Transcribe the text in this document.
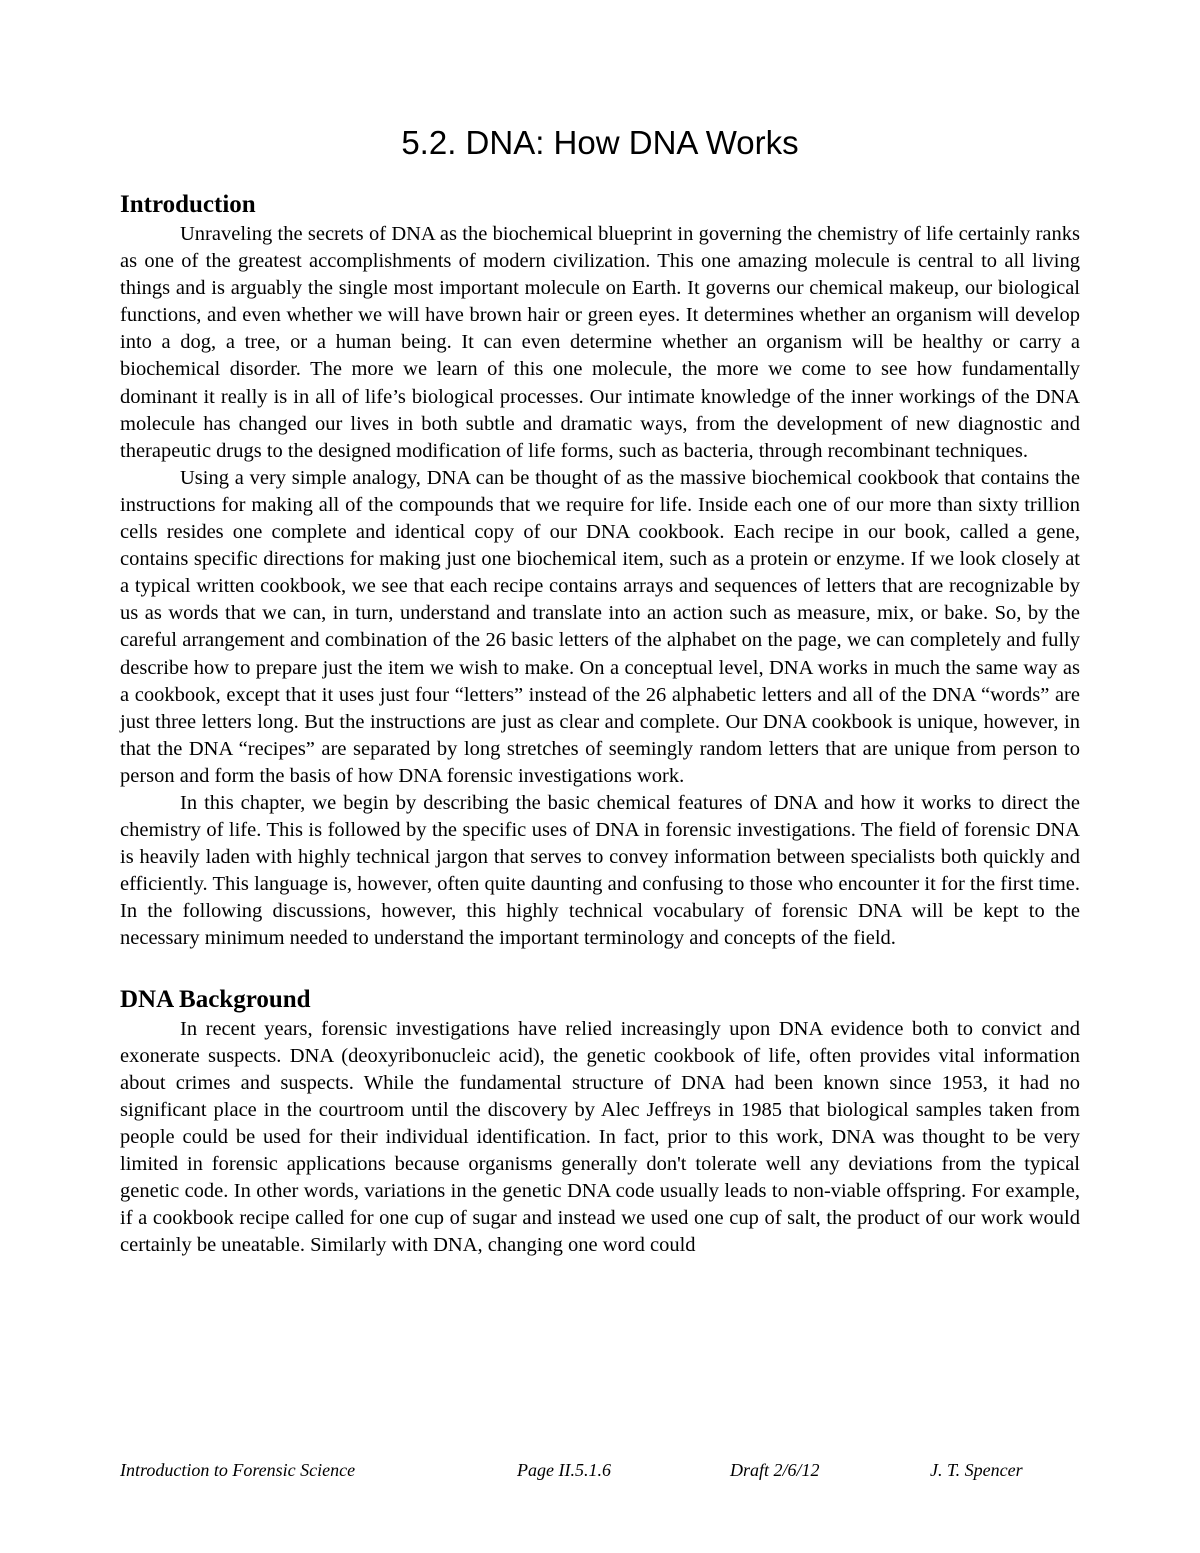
5.2. DNA: How DNA Works
Introduction

Unraveling the secrets of DNA as the biochemical blueprint in governing the chemistry of life certainly ranks as one of the greatest accomplishments of modern civilization. This one amazing molecule is central to all living things and is arguably the single most important molecule on Earth. It governs our chemical makeup, our biological functions, and even whether we will have brown hair or green eyes. It determines whether an organism will develop into a dog, a tree, or a human being. It can even determine whether an organism will be healthy or carry a biochemical disorder. The more we learn of this one molecule, the more we come to see how fundamentally dominant it really is in all of life’s biological processes. Our intimate knowledge of the inner workings of the DNA molecule has changed our lives in both subtle and dramatic ways, from the development of new diagnostic and therapeutic drugs to the designed modification of life forms, such as bacteria, through recombinant techniques.

Using a very simple analogy, DNA can be thought of as the massive biochemical cookbook that contains the instructions for making all of the compounds that we require for life. Inside each one of our more than sixty trillion cells resides one complete and identical copy of our DNA cookbook. Each recipe in our book, called a gene, contains specific directions for making just one biochemical item, such as a protein or enzyme. If we look closely at a typical written cookbook, we see that each recipe contains arrays and sequences of letters that are recognizable by us as words that we can, in turn, understand and translate into an action such as measure, mix, or bake. So, by the careful arrangement and combination of the 26 basic letters of the alphabet on the page, we can completely and fully describe how to prepare just the item we wish to make. On a conceptual level, DNA works in much the same way as a cookbook, except that it uses just four “letters” instead of the 26 alphabetic letters and all of the DNA “words” are just three letters long. But the instructions are just as clear and complete. Our DNA cookbook is unique, however, in that the DNA “recipes” are separated by long stretches of seemingly random letters that are unique from person to person and form the basis of how DNA forensic investigations work.

In this chapter, we begin by describing the basic chemical features of DNA and how it works to direct the chemistry of life. This is followed by the specific uses of DNA in forensic investigations. The field of forensic DNA is heavily laden with highly technical jargon that serves to convey information between specialists both quickly and efficiently. This language is, however, often quite daunting and confusing to those who encounter it for the first time. In the following discussions, however, this highly technical vocabulary of forensic DNA will be kept to the necessary minimum needed to understand the important terminology and concepts of the field.

DNA Background

In recent years, forensic investigations have relied increasingly upon DNA evidence both to convict and exonerate suspects. DNA (deoxyribonucleic acid), the genetic cookbook of life, often provides vital information about crimes and suspects. While the fundamental structure of DNA had been known since 1953, it had no significant place in the courtroom until the discovery by Alec Jeffreys in 1985 that biological samples taken from people could be used for their individual identification. In fact, prior to this work, DNA was thought to be very limited in forensic applications because organisms generally don't tolerate well any deviations from the typical genetic code. In other words, variations in the genetic DNA code usually leads to non-viable offspring. For example, if a cookbook recipe called for one cup of sugar and instead we used one cup of salt, the product of our work would certainly be uneatable. Similarly with DNA, changing one word could

Introduction to Forensic Science	Page II.5.1.6	Draft 2/6/12	J. T. Spencer
